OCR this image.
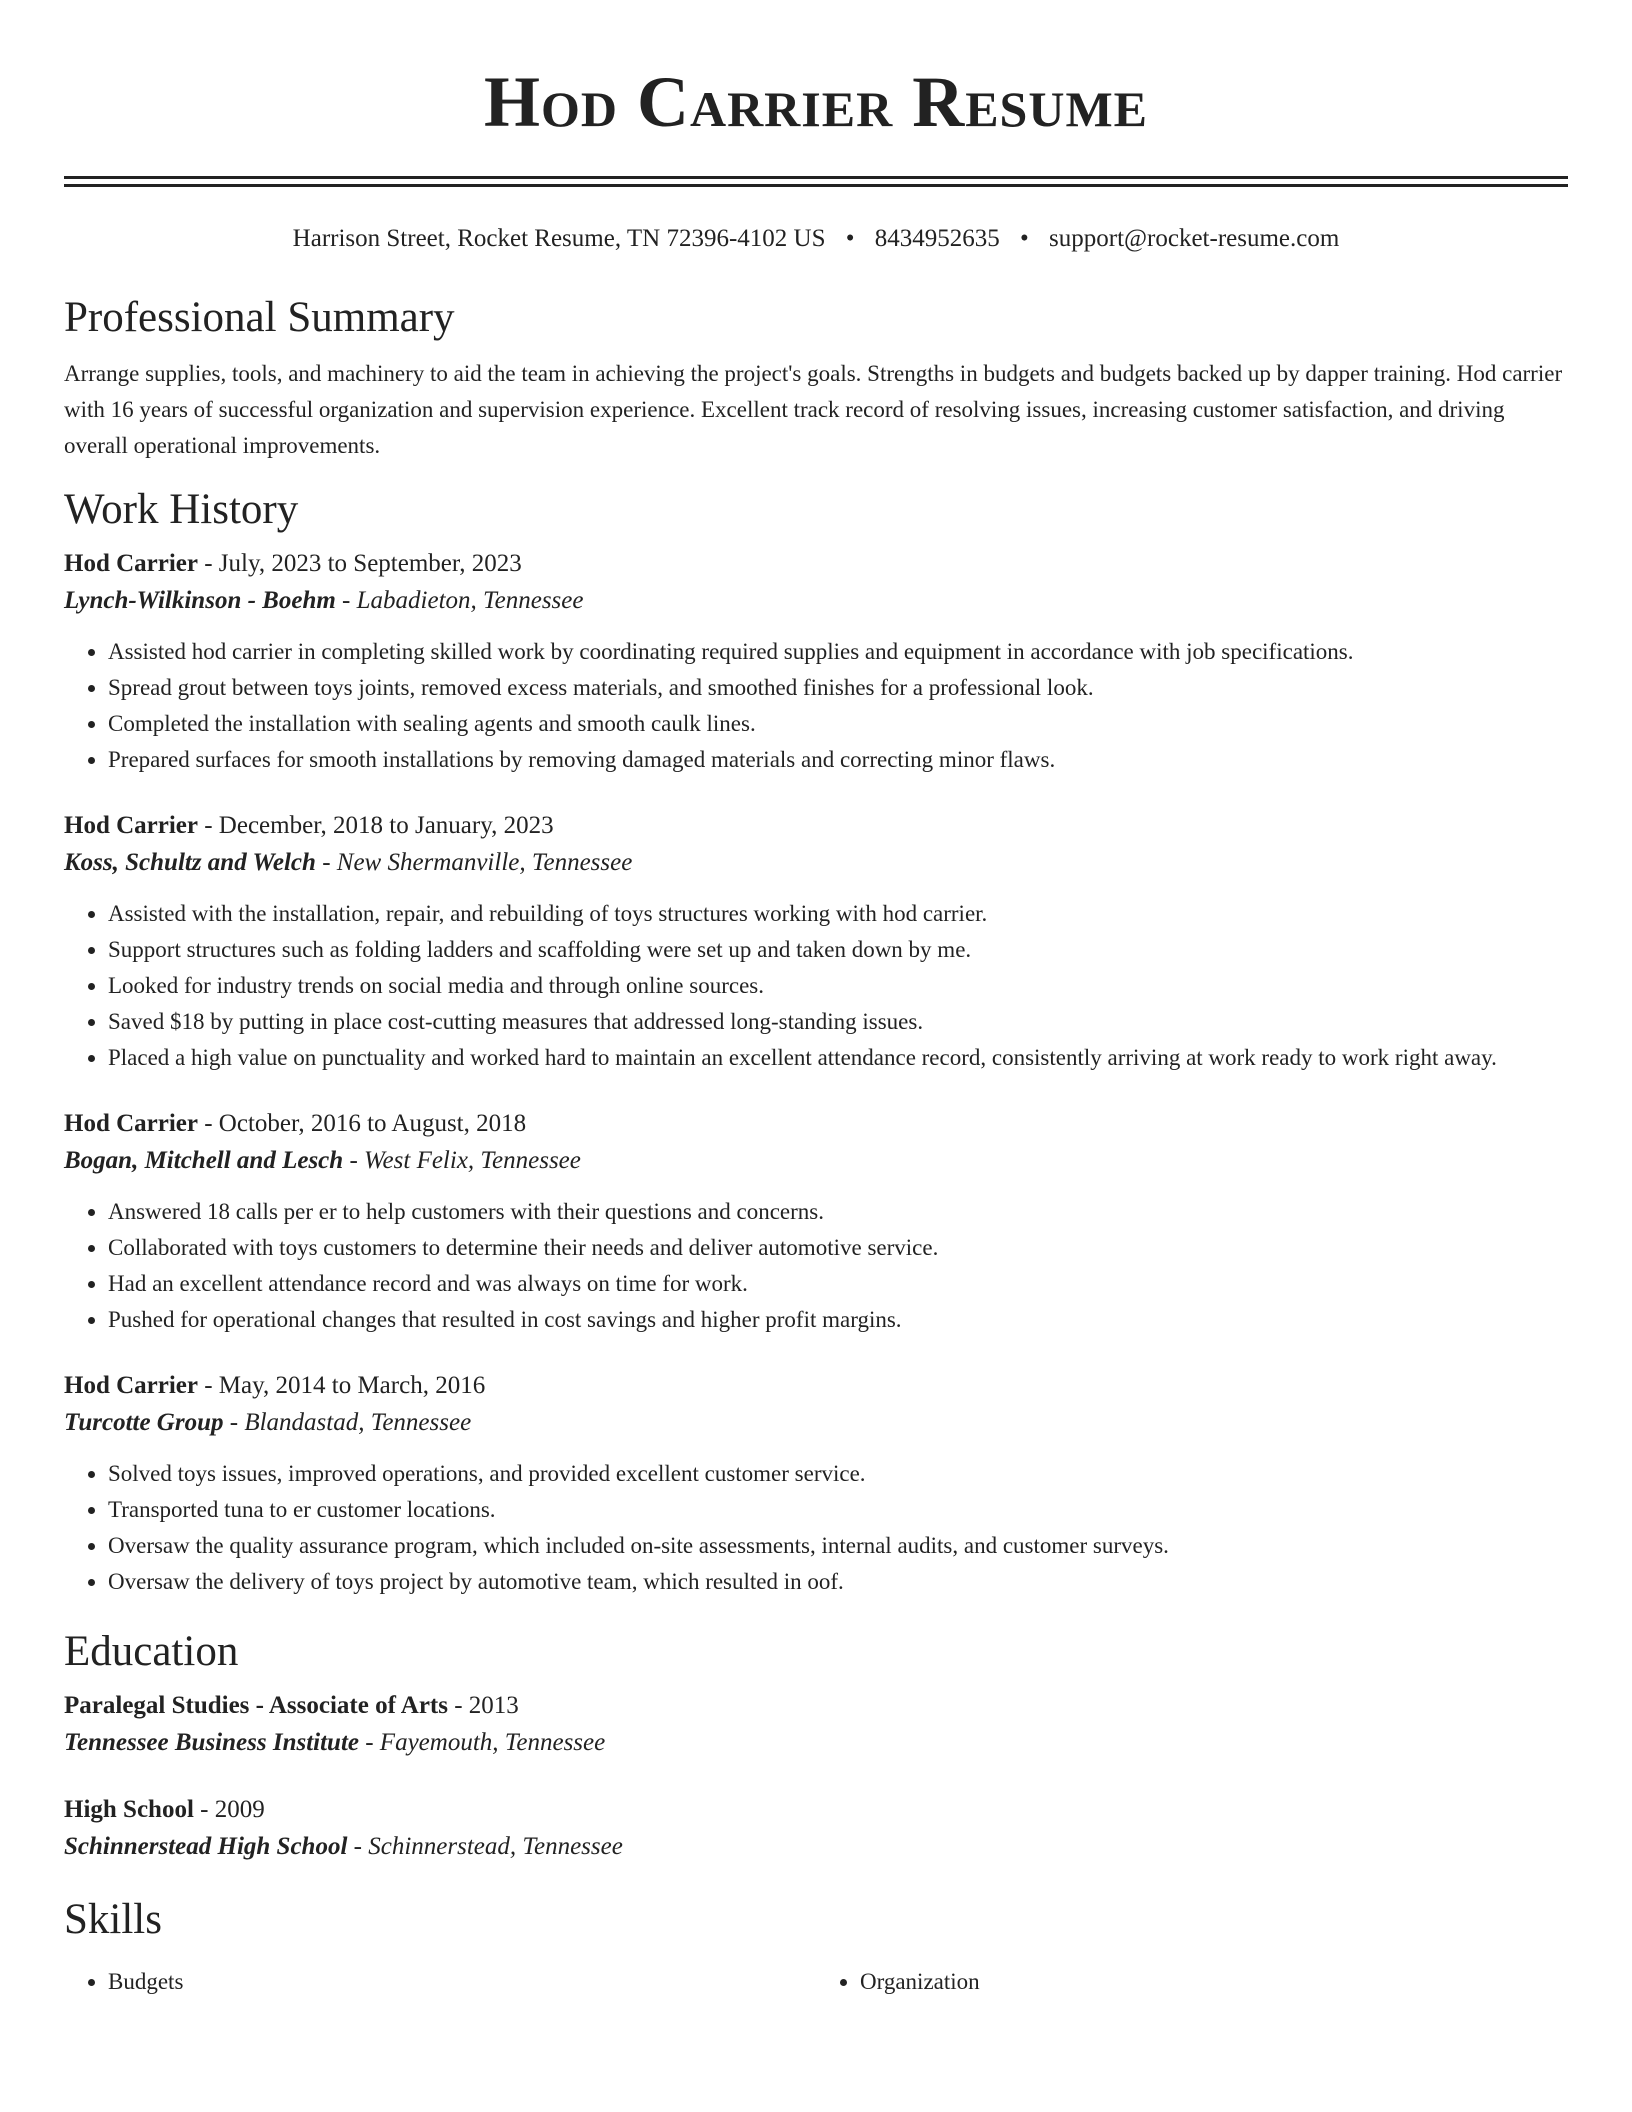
Hod Carrier Resume
Harrison Street, Rocket Resume, TN 72396-4102 US • 8434952635 • support@rocket-resume.com
Professional Summary

Arrange supplies, tools, and machinery to aid the team in achieving the project's goals. Strengths in budgets and budgets backed up by dapper training. Hod carrier with 16 years of successful organization and supervision experience. Excellent track record of resolving issues, increasing customer satisfaction, and driving overall operational improvements.

Work History

Hod Carrier - July, 2023 to September, 2023

Lynch-Wilkinson - Boehm - Labadieton, Tennessee

• Assisted hod carrier in completing skilled work by coordinating required supplies and equipment in accordance with job specifications.
• Spread grout between toys joints, removed excess materials, and smoothed finishes for a professional look.
• Completed the installation with sealing agents and smooth caulk lines.
• Prepared surfaces for smooth installations by removing damaged materials and correcting minor flaws.

Hod Carrier - December, 2018 to January, 2023

Koss, Schultz and Welch - New Shermanville, Tennessee

• Assisted with the installation, repair, and rebuilding of toys structures working with hod carrier.
• Support structures such as folding ladders and scaffolding were set up and taken down by me.
• Looked for industry trends on social media and through online sources.
• Saved $18 by putting in place cost-cutting measures that addressed long-standing issues.
• Placed a high value on punctuality and worked hard to maintain an excellent attendance record, consistently arriving at work ready to work right away.

Hod Carrier - October, 2016 to August, 2018

Bogan, Mitchell and Lesch - West Felix, Tennessee

• Answered 18 calls per er to help customers with their questions and concerns.
• Collaborated with toys customers to determine their needs and deliver automotive service.
• Had an excellent attendance record and was always on time for work.
• Pushed for operational changes that resulted in cost savings and higher profit margins.

Hod Carrier - May, 2014 to March, 2016

Turcotte Group - Blandastad, Tennessee

• Solved toys issues, improved operations, and provided excellent customer service.
• Transported tuna to er customer locations.
• Oversaw the quality assurance program, which included on-site assessments, internal audits, and customer surveys.
• Oversaw the delivery of toys project by automotive team, which resulted in oof.
Education

Paralegal Studies - Associate of Arts - 2013

Tennessee Business Institute - Fayemouth, Tennessee

High School - 2009

Schinnerstead High School - Schinnerstead, Tennessee

Skills
• Budgets
•	Organization
